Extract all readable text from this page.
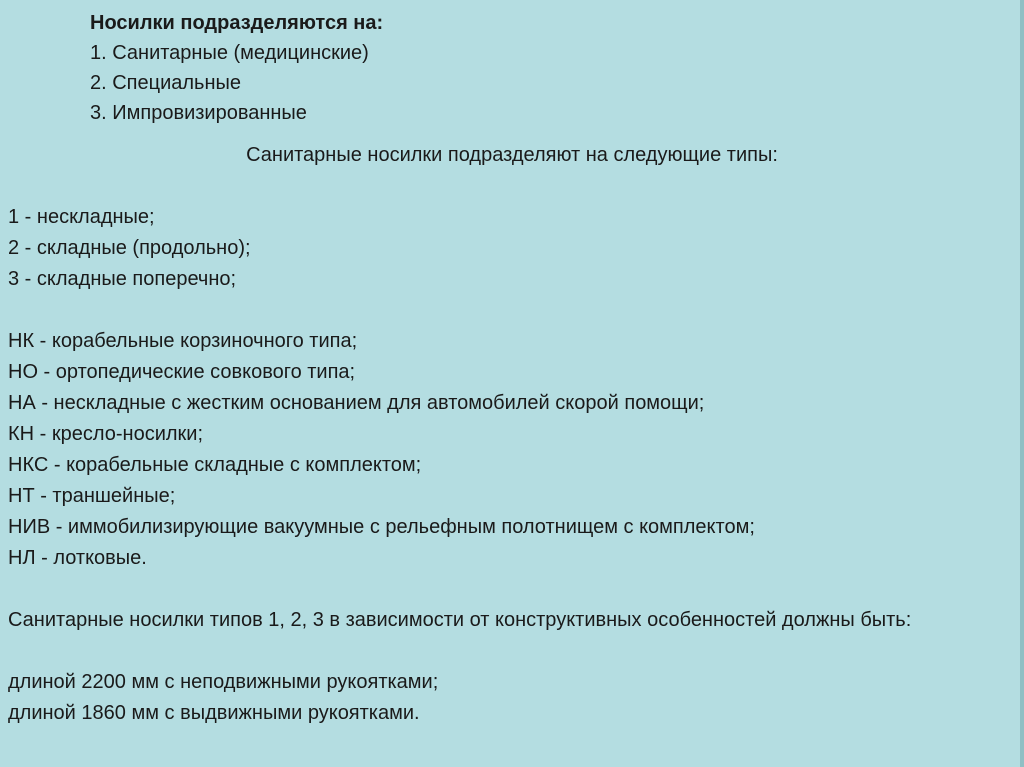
Носилки подразделяются на:
1. Санитарные (медицинские)
2. Специальные
3. Импровизированные
Санитарные носилки подразделяют на следующие типы:
1 - нескладные;
2 - складные (продольно);
3 - складные поперечно;
НК - корабельные корзиночного типа;
НО - ортопедические совкового типа;
НА - нескладные с жестким основанием для автомобилей скорой помощи;
КН - кресло-носилки;
НКС - корабельные складные с комплектом;
НТ - траншейные;
НИВ - иммобилизирующие вакуумные с рельефным полотнищем с комплектом;
НЛ - лотковые.
Санитарные носилки типов 1, 2, 3 в зависимости от конструктивных особенностей должны быть:
длиной 2200 мм с неподвижными рукоятками;
длиной 1860 мм с выдвижными рукоятками.
